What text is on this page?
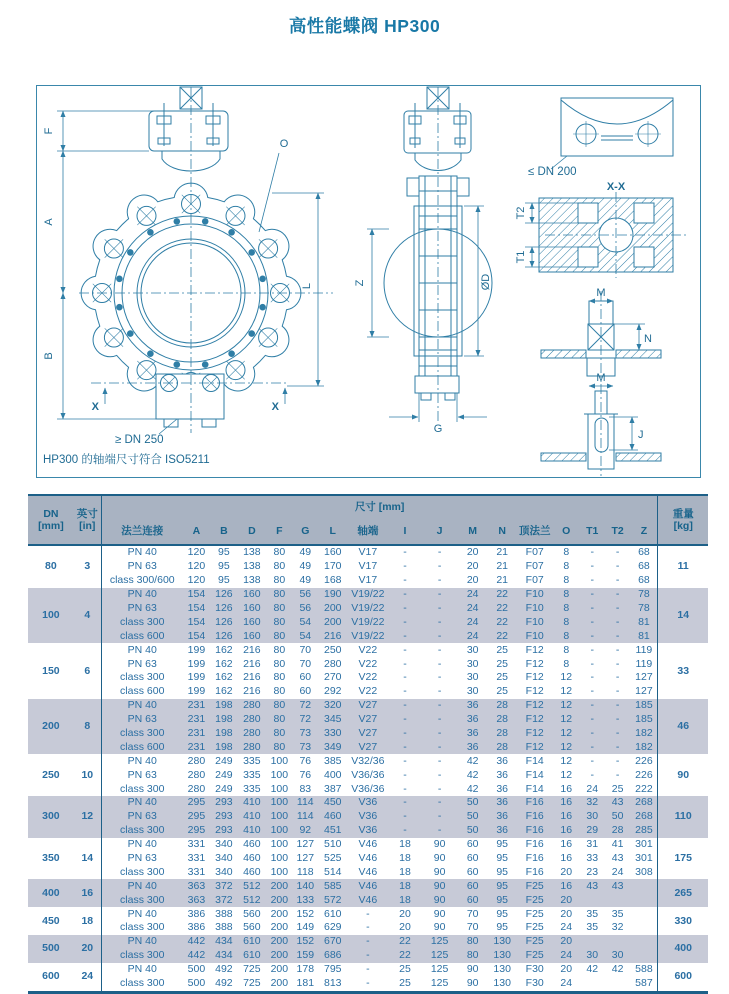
高性能蝶阀 HP300
F
A
B
L
O
X	X
≥ DN 250
HP300 的轴端尺寸符合 ISO5211
Z	ØD
G
≤ DN 200
X-X
T2
T1
M
N
M
J
DN
[mm]	英寸
[in]	尺寸 [mm]																	重量
[kg]

		法兰连接	A	B	D	F	G	L	轴端	I	J	M	N	顶法兰	O	T1	T2	Z	
80	3	PN 40	120	95	138	80	49	160	V17	-	-	20	21	F07	8	-	-	68	11
		PN 63	120	95	138	80	49	170	V17	-	-	20	21	F07	8	-	-	68	
		class 300/600	120	95	138	80	49	168	V17	-	-	20	21	F07	8	-	-	68	
100	4	PN 40	154	126	160	80	56	190	V19/22	-	-	24	22	F10	8	-	-	78	14
		PN 63	154	126	160	80	56	200	V19/22	-	-	24	22	F10	8	-	-	78	
		class 300	154	126	160	80	54	200	V19/22	-	-	24	22	F10	8	-	-	81	
		class 600	154	126	160	80	54	216	V19/22	-	-	24	22	F10	8	-	-	81	
150	6	PN 40	199	162	216	80	70	250	V22	-	-	30	25	F12	8	-	-	119	33
		PN 63	199	162	216	80	70	280	V22	-	-	30	25	F12	8	-	-	119	
		class 300	199	162	216	80	60	270	V22	-	-	30	25	F12	12	-	-	127	
		class 600	199	162	216	80	60	292	V22	-	-	30	25	F12	12	-	-	127	
200	8	PN 40	231	198	280	80	72	320	V27	-	-	36	28	F12	12	-	-	185	46
		PN 63	231	198	280	80	72	345	V27	-	-	36	28	F12	12	-	-	185	
		class 300	231	198	280	80	73	330	V27	-	-	36	28	F12	12	-	-	182	
		class 600	231	198	280	80	73	349	V27	-	-	36	28	F12	12	-	-	182	
250	10	PN 40	280	249	335	100	76	385	V32/36	-	-	42	36	F14	12	-	-	226	90
		PN 63	280	249	335	100	76	400	V36/36	-	-	42	36	F14	12	-	-	226	
		class 300	280	249	335	100	83	387	V36/36	-	-	42	36	F14	16	24	25	222	
300	12	PN 40	295	293	410	100	114	450	V36	-	-	50	36	F16	16	32	43	268	110
		PN 63	295	293	410	100	114	460	V36	-	-	50	36	F16	16	30	50	268	
		class 300	295	293	410	100	92	451	V36	-	-	50	36	F16	16	29	28	285	
350	14	PN 40	331	340	460	100	127	510	V46	18	90	60	95	F16	16	31	41	301	175
		PN 63	331	340	460	100	127	525	V46	18	90	60	95	F16	16	33	43	301	
		class 300	331	340	460	100	118	514	V46	18	90	60	95	F16	20	23	24	308	
400	16	PN 40	363	372	512	200	140	585	V46	18	90	60	95	F25	16	43	43		265
		class 300	363	372	512	200	133	572	V46	18	90	60	95	F25	20				
450	18	PN 40	386	388	560	200	152	610	-	20	90	70	95	F25	20	35	35		330
		class 300	386	388	560	200	149	629	-	20	90	70	95	F25	24	35	32		
500	20	PN 40	442	434	610	200	152	670	-	22	125	80	130	F25	20				400
		class 300	442	434	610	200	159	686	-	22	125	80	130	F25	24	30	30		
600	24	PN 40	500	492	725	200	178	795	-	25	125	90	130	F30	20	42	42	588	600
		class 300	500	492	725	200	181	813	-	25	125	90	130	F30	24			587	
